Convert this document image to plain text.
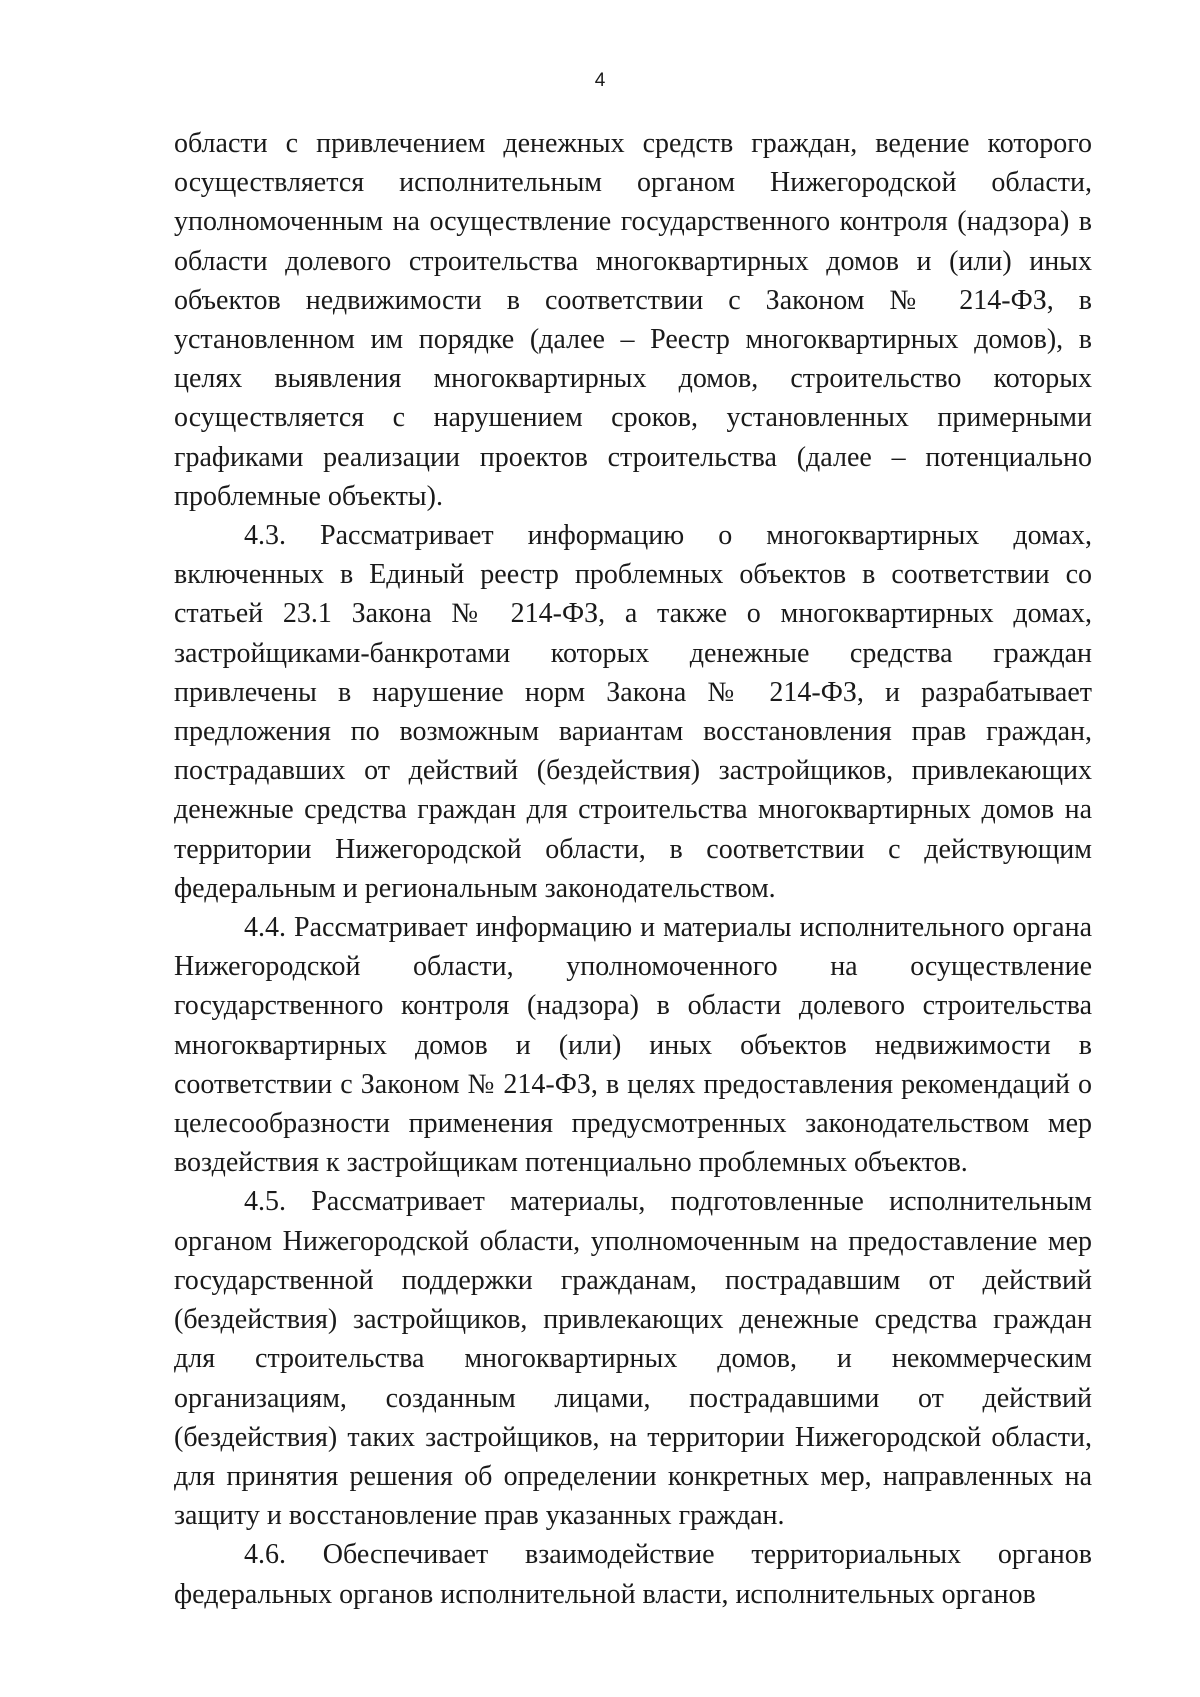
4

области с привлечением денежных средств граждан, ведение которого осуществляется исполнительным органом Нижегородской области, уполномоченным на осуществление государственного контроля (надзора) в области долевого строительства многоквартирных домов и (или) иных объектов недвижимости в соответствии с Законом № 214-ФЗ, в установленном им порядке (далее – Реестр многоквартирных домов), в целях выявления многоквартирных домов, строительство которых осуществляется с нарушением сроков, установленных примерными графиками реализации проектов строительства (далее – потенциально проблемные объекты).

4.3. Рассматривает информацию о многоквартирных домах, включенных в Единый реестр проблемных объектов в соответствии со статьей 23.1 Закона № 214-ФЗ, а также о многоквартирных домах, застройщиками-банкротами которых денежные средства граждан привлечены в нарушение норм Закона № 214-ФЗ, и разрабатывает предложения по возможным вариантам восстановления прав граждан, пострадавших от действий (бездействия) застройщиков, привлекающих денежные средства граждан для строительства многоквартирных домов на территории Нижегородской области, в соответствии с действующим федеральным и региональным законодательством.

4.4. Рассматривает информацию и материалы исполнительного органа Нижегородской области, уполномоченного на осуществление государственного контроля (надзора) в области долевого строительства многоквартирных домов и (или) иных объектов недвижимости в соответствии с Законом № 214-ФЗ, в целях предоставления рекомендаций о целесообразности применения предусмотренных законодательством мер воздействия к застройщикам потенциально проблемных объектов.

4.5. Рассматривает материалы, подготовленные исполнительным органом Нижегородской области, уполномоченным на предоставление мер государственной поддержки гражданам, пострадавшим от действий (бездействия) застройщиков, привлекающих денежные средства граждан для строительства многоквартирных домов, и некоммерческим организациям, созданным лицами, пострадавшими от действий (бездействия) таких застройщиков, на территории Нижегородской области, для принятия решения об определении конкретных мер, направленных на защиту и восстановление прав указанных граждан.

4.6. Обеспечивает взаимодействие территориальных органов федеральных органов исполнительной власти, исполнительных органов
